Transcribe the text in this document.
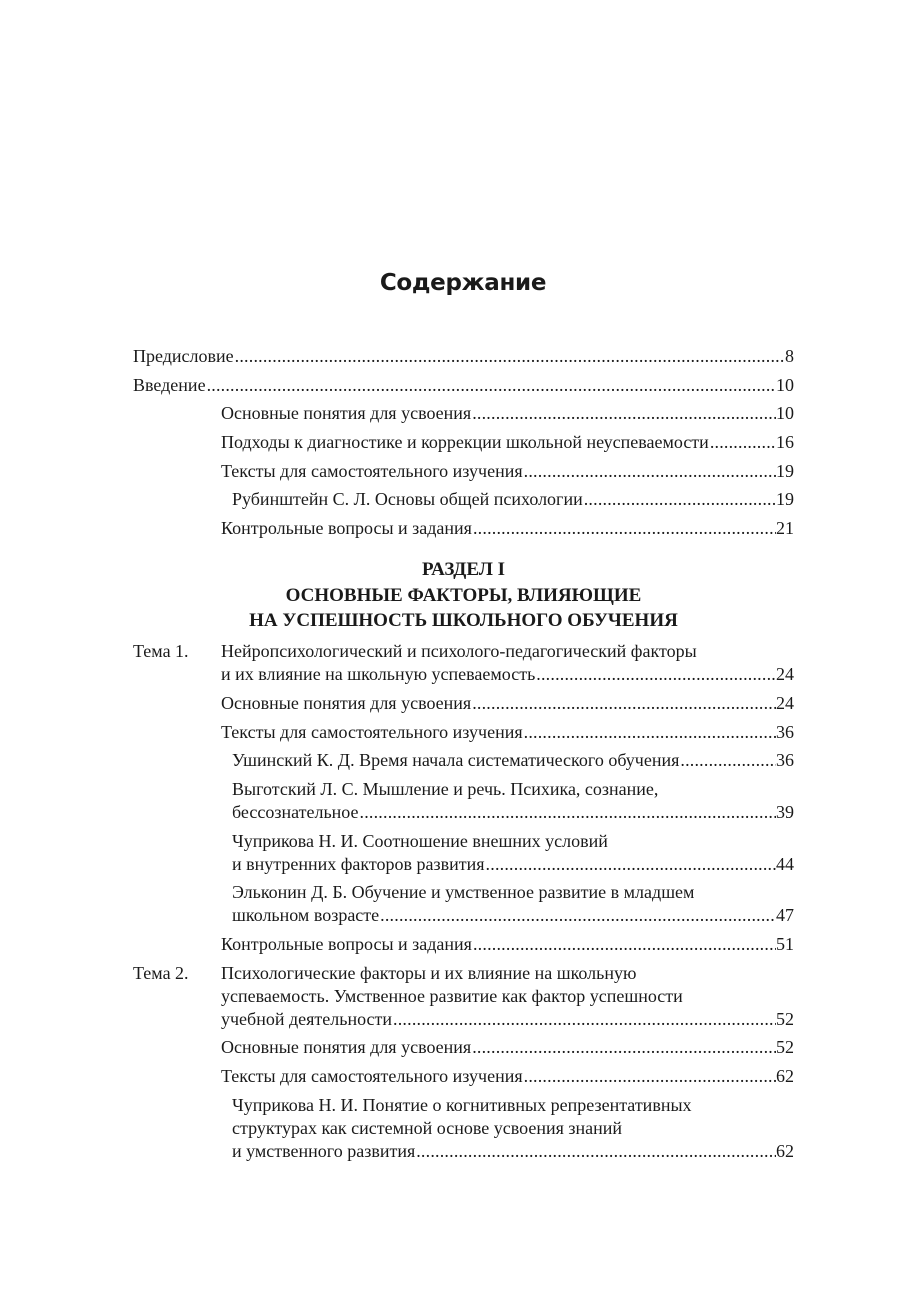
Содержание
Предисловие .....	8
Введение .....	10
Основные понятия для усвоения .....	10
Подходы к диагностике и коррекции школьной неуспеваемости .....	16
Тексты для самостоятельного изучения .....	19
Рубинштейн С. Л. Основы общей психологии .....	19
Контрольные вопросы и задания .....	21
РАЗДЕЛ I
ОСНОВНЫЕ ФАКТОРЫ, ВЛИЯЮЩИЕ
НА УСПЕШНОСТЬ ШКОЛЬНОГО ОБУЧЕНИЯ
Тема 1. Нейропсихологический и психолого-педагогический факторы
и их влияние на школьную успеваемость .....	24
Основные понятия для усвоения .....	24
Тексты для самостоятельного изучения .....	36
Ушинский К. Д. Время начала систематического обучения .....	36
Выготский Л. С. Мышление и речь. Психика, сознание,
бессознательное .....	39
Чуприкова Н. И. Соотношение внешних условий
и внутренних факторов развития .....	44
Эльконин Д. Б. Обучение и умственное развитие в младшем
школьном возрасте .....	47
Контрольные вопросы и задания .....	51
Тема 2. Психологические факторы и их влияние на школьную
успеваемость. Умственное развитие как фактор успешности
учебной деятельности .....	52
Основные понятия для усвоения .....	52
Тексты для самостоятельного изучения .....	62
Чуприкова Н. И. Понятие о когнитивных репрезентативных
структурах как системной основе усвоения знаний
и умственного развития .....	62
